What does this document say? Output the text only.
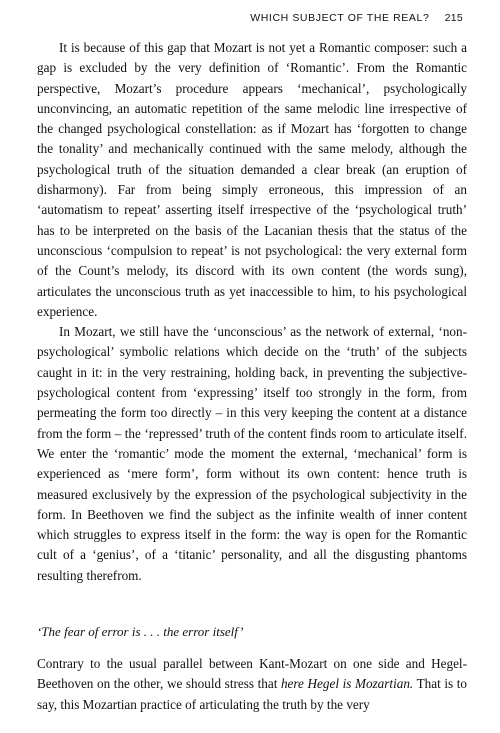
WHICH SUBJECT OF THE REAL? 215

It is because of this gap that Mozart is not yet a Romantic composer: such a gap is excluded by the very definition of ‘Romantic’. From the Romantic perspective, Mozart’s procedure appears ‘mechanical’, psychologically unconvincing, an automatic repetition of the same melodic line irrespective of the changed psychological constellation: as if Mozart has ‘forgotten to change the tonality’ and mechanically continued with the same melody, although the psychological truth of the situation demanded a clear break (an eruption of disharmony). Far from being simply erroneous, this impression of an ‘automatism to repeat’ asserting itself irrespective of the ‘psychological truth’ has to be interpreted on the basis of the Lacanian thesis that the status of the unconscious ‘compulsion to repeat’ is not psychological: the very external form of the Count’s melody, its discord with its own content (the words sung), articulates the unconscious truth as yet inaccessible to him, to his psychological experience.

In Mozart, we still have the ‘unconscious’ as the network of external, ‘non-psychological’ symbolic relations which decide on the ‘truth’ of the subjects caught in it: in the very restraining, holding back, in preventing the subjective-psychological content from ‘expressing’ itself too strongly in the form, from permeating the form too directly – in this very keeping the content at a distance from the form – the ‘repressed’ truth of the content finds room to articulate itself. We enter the ‘romantic’ mode the moment the external, ‘mechanical’ form is experienced as ‘mere form’, form without its own content: hence truth is measured exclusively by the expression of the psychological subjectivity in the form. In Beethoven we find the subject as the infinite wealth of inner content which struggles to express itself in the form: the way is open for the Romantic cult of a ‘genius’, of a ‘titanic’ personality, and all the disgusting phantoms resulting therefrom.

‘The fear of error is . . . the error itself’

Contrary to the usual parallel between Kant-Mozart on one side and Hegel-Beethoven on the other, we should stress that here Hegel is Mozartian. That is to say, this Mozartian practice of articulating the truth by the very
